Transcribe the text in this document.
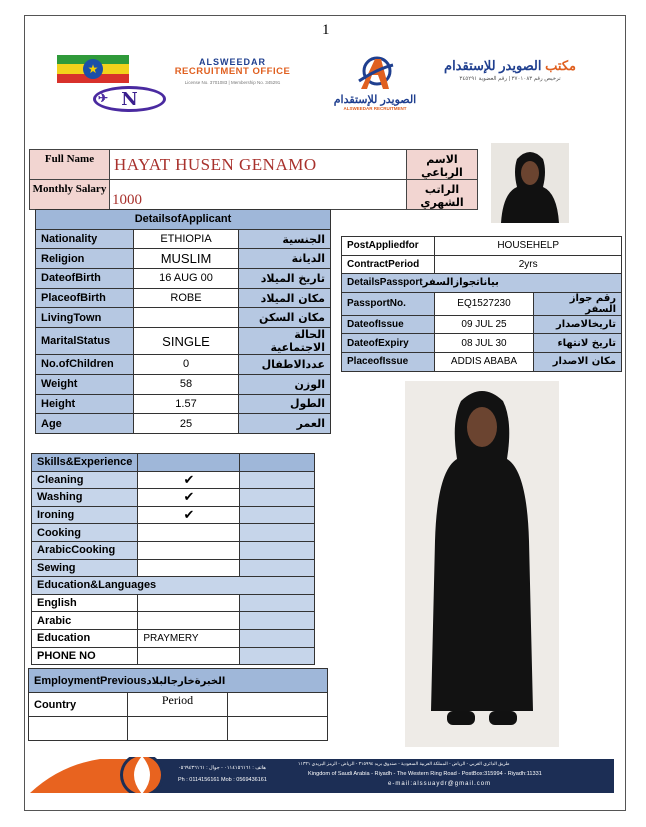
1
★
✈ N
ALSWEEDAR
RECRUITMENT OFFICE
License No. 3701083 | Membership No. 345291
الصويدر للإستقدام
ALSWEEDAR RECRUITMENT
مكتب الصويدر للإستقدام
ترخيص رقم ٣٧٠١٠٨٣ | رقم العضوية ٣٤٥٢٩١
Full Name	HAYAT HUSEN GENAMO	الاسم الرباعي
Monthly Salary	1000	الراتب الشهري
DetailsofApplicant		
Nationality	ETHIOPIA	الجنسية
Religion	MUSLIM	الديانة
DateofBirth	16 AUG 00	تاريخ الميلاد
PlaceofBirth	ROBE	مكان الميلاد
LivingTown		مكان السكن
MaritalStatus	SINGLE	الحالة الاجتماعية
No.ofChildren	0	عددالاطفال
Weight	58	الوزن
Height	1.57	الطول
Age	25	العمر
PostAppliedfor	HOUSEHELP	
ContractPeriod	2yrs	
DetailsPassportبياناتجوازالسفر		
PassportNo.	EQ1527230	رقم جواز السفر
DateofIssue	09 JUL 25	تاريخالاصدار
DateofExpiry	08 JUL 30	تاريخ لانتهاء
PlaceofIssue	ADDIS ABABA	مكان الاصدار
Skills&Experience		
Cleaning	✔	
Washing	✔	
Ironing	✔	
Cooking		
ArabicCooking		
Sewing		
Education&Languages		
English		
Arabic		
Education	PRAYMERY	
PHONE NO		
EmploymentPreviousالخبرةخارجالبلاد		
Country	Period	

هاتف : ٠١١٤١٥٦١٦١ - جوال : ٠٥٦٩٤٣٦١٦١
Ph : 0114156161 Mob : 0569436161
طريق الدائري الغربي - الرياض - المملكة العربية السعودية - صندوق بريد ٣١٥٩٩٤ - الرياض - الرمز البريدي ١١٣٣١
Kingdom of Saudi Arabia - Riyadh - The Western Ring Road - PostBox:315994 - Riyadh:11331
e-mail:alssuaydr@gmail.com
